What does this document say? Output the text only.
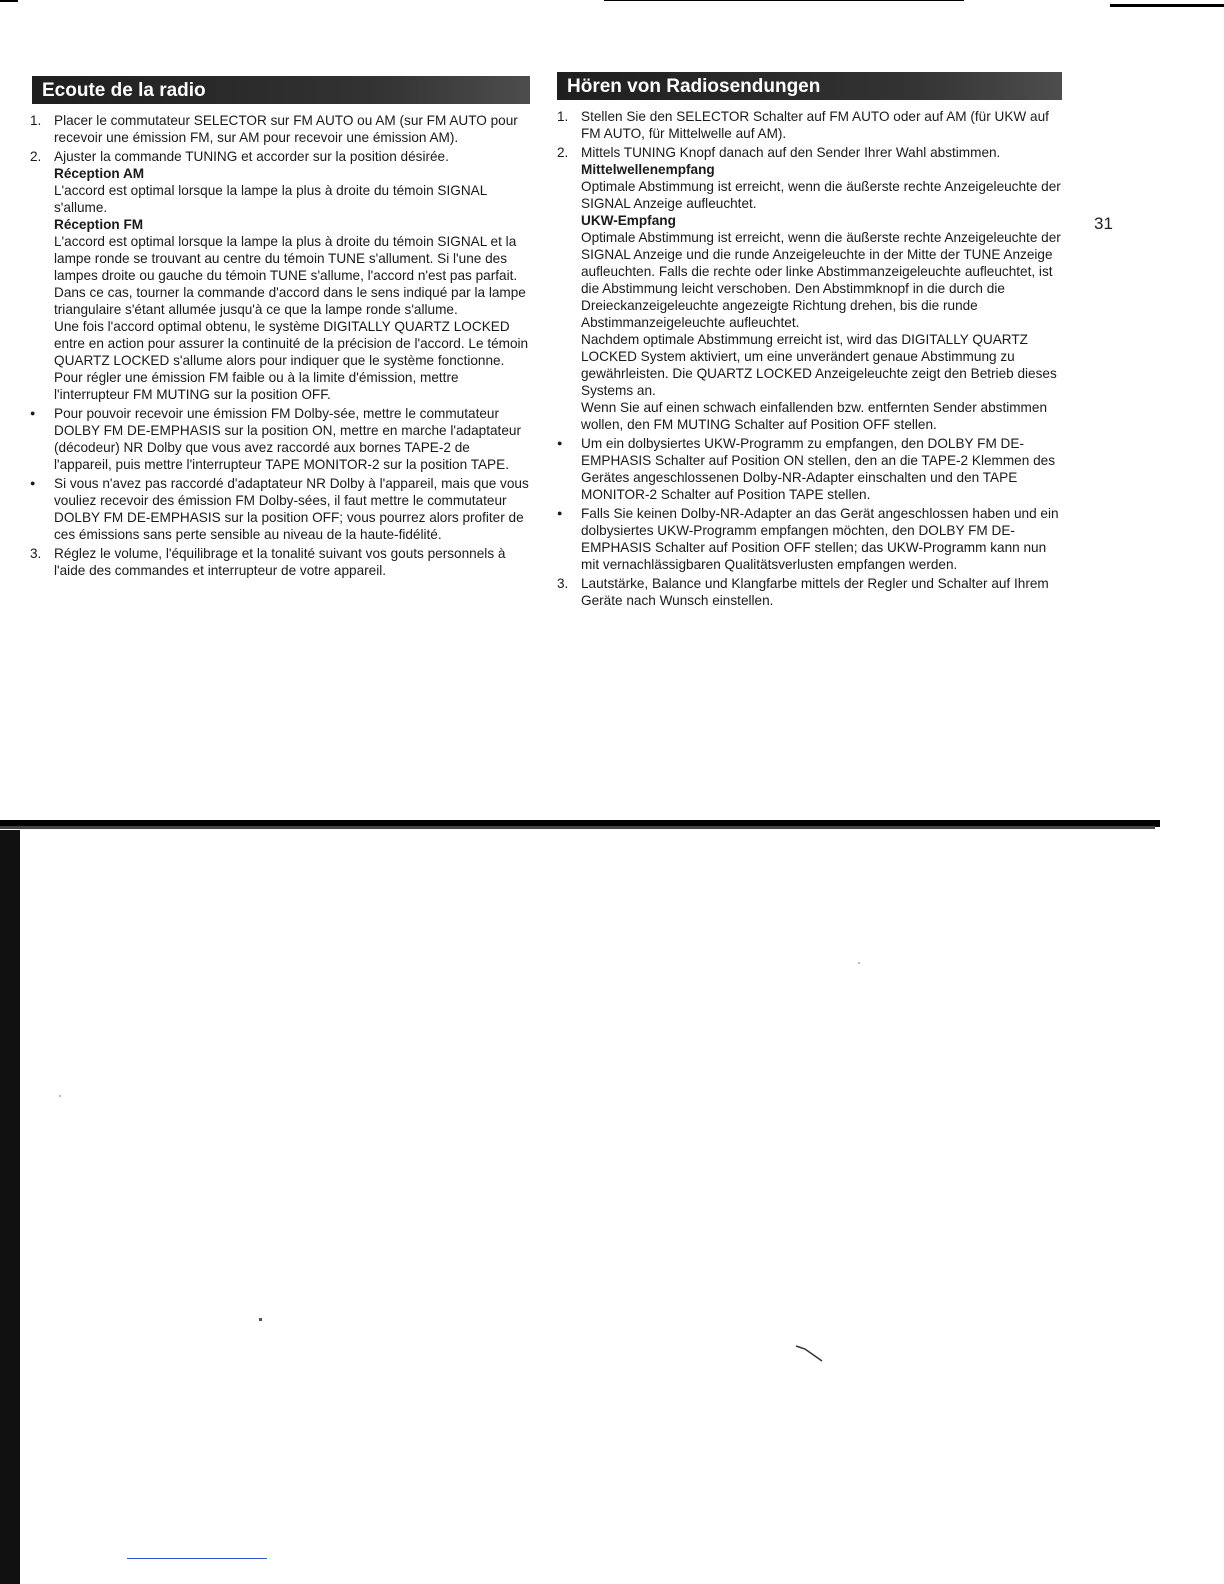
Ecoute de la radio
1. Placer le commutateur SELECTOR sur FM AUTO ou AM (sur FM AUTO pour recevoir une émission FM, sur AM pour recevoir une émission AM).

2. Ajuster la commande TUNING et accorder sur la position désirée.

Réception AM

L'accord est optimal lorsque la lampe la plus à droite du témoin SIGNAL s'allume.

Réception FM

L'accord est optimal lorsque la lampe la plus à droite du témoin SIGNAL et la lampe ronde se trouvant au centre du témoin TUNE s'allument. Si l'une des lampes droite ou gauche du témoin TUNE s'allume, l'accord n'est pas parfait. Dans ce cas, tourner la commande d'accord dans le sens indiqué par la lampe triangulaire s'étant allumée jusqu'à ce que la lampe ronde s'allume.

Une fois l'accord optimal obtenu, le système DIGITALLY QUARTZ LOCKED entre en action pour assurer la continuité de la précision de l'accord. Le témoin QUARTZ LOCKED s'allume alors pour indiquer que le système fonctionne.

Pour régler une émission FM faible ou à la limite d'émission, mettre l'interrupteur FM MUTING sur la position OFF.

● Pour pouvoir recevoir une émission FM Dolby-sée, mettre le commutateur DOLBY FM DE-EMPHASIS sur la position ON, mettre en marche l'adaptateur (décodeur) NR Dolby que vous avez raccordé aux bornes TAPE-2 de l'appareil, puis mettre l'interrupteur TAPE MONITOR-2 sur la position TAPE.

● Si vous n'avez pas raccordé d'adaptateur NR Dolby à l'appareil, mais que vous vouliez recevoir des émission FM Dolby-sées, il faut mettre le commutateur DOLBY FM DE-EMPHASIS sur la position OFF; vous pourrez alors profiter de ces émissions sans perte sensible au niveau de la haute-fidélité.

3. Réglez le volume, l'équilibrage et la tonalité suivant vos gouts personnels à l'aide des commandes et interrupteur de votre appareil.

Hören von Radiosendungen
1. Stellen Sie den SELECTOR Schalter auf FM AUTO oder auf AM (für UKW auf FM AUTO, für Mittelwelle auf AM).

2. Mittels TUNING Knopf danach auf den Sender Ihrer Wahl abstimmen.

Mittelwellenempfang

Optimale Abstimmung ist erreicht, wenn die äußerste rechte Anzeigeleuchte der SIGNAL Anzeige aufleuchtet.

UKW-Empfang

Optimale Abstimmung ist erreicht, wenn die äußerste rechte Anzeigeleuchte der SIGNAL Anzeige und die runde Anzeigeleuchte in der Mitte der TUNE Anzeige aufleuchten. Falls die rechte oder linke Abstimmanzeigeleuchte aufleuchtet, ist die Abstimmung leicht verschoben. Den Abstimmknopf in die durch die Dreieckanzeigeleuchte angezeigte Richtung drehen, bis die runde Abstimmanzeigeleuchte aufleuchtet.

Nachdem optimale Abstimmung erreicht ist, wird das DIGITALLY QUARTZ LOCKED System aktiviert, um eine unverändert genaue Abstimmung zu gewährleisten. Die QUARTZ LOCKED Anzeigeleuchte zeigt den Betrieb dieses Systems an.

Wenn Sie auf einen schwach einfallenden bzw. entfernten Sender abstimmen wollen, den FM MUTING Schalter auf Position OFF stellen.

● Um ein dolbysiertes UKW-Programm zu empfangen, den DOLBY FM DE-EMPHASIS Schalter auf Position ON stellen, den an die TAPE-2 Klemmen des Gerätes angeschlossenen Dolby-NR-Adapter einschalten und den TAPE MONITOR-2 Schalter auf Position TAPE stellen.

● Falls Sie keinen Dolby-NR-Adapter an das Gerät angeschlossen haben und ein dolbysiertes UKW-Programm empfangen möchten, den DOLBY FM DE-EMPHASIS Schalter auf Position OFF stellen; das UKW-Programm kann nun mit vernachlässigbaren Qualitätsverlusten empfangen werden.

3. Lautstärke, Balance und Klangfarbe mittels der Regler und Schalter auf Ihrem Geräte nach Wunsch einstellen.

31
